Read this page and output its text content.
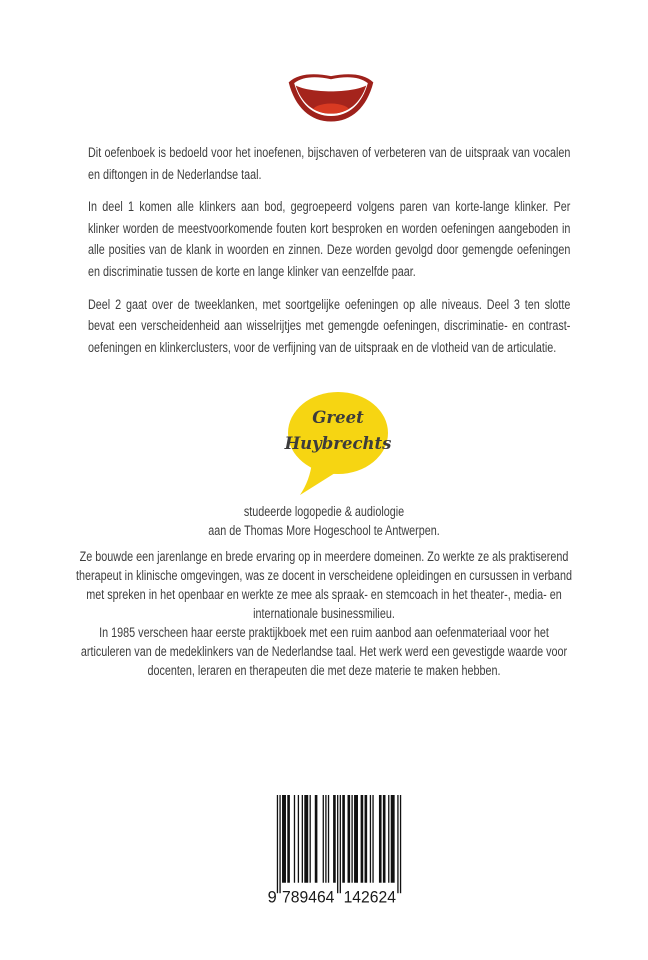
Dit oefenboek is bedoeld voor het inoefenen, bijschaven of verbeteren van de uitspraak van vocalen en diftongen in de Nederlandse taal.

In deel 1 komen alle klinkers aan bod, gegroepeerd volgens paren van korte-lange klinker. Per klinker worden de meestvoorkomende fouten kort besproken en worden oefeningen aangeboden in alle posities van de klank in woorden en zinnen. Deze worden gevolgd door gemengde oefeningen en discriminatie tussen de korte en lange klinker van eenzelfde paar.

Deel 2 gaat over de tweeklanken, met soortgelijke oefeningen op alle niveaus. Deel 3 ten slotte bevat een verscheidenheid aan wisselrijtjes met gemengde oefeningen, discriminatie- en contrast-oefeningen en klinkerclusters, voor de verfijning van de uitspraak en de vlotheid van de articulatie.

Greet
Huybrechts

studeerde logopedie & audiologie

aan de Thomas More Hogeschool te Antwerpen.

Ze bouwde een jarenlange en brede ervaring op in meerdere domeinen. Zo werkte ze als praktiserend therapeut in klinische omgevingen, was ze docent in verscheidene opleidingen en cursussen in verband met spreken in het openbaar en werkte ze mee als spraak- en stemcoach in het theater-, media- en internationale businessmilieu.

In 1985 verscheen haar eerste praktijkboek met een ruim aanbod aan oefenmateriaal voor het articuleren van de medeklinkers van de Nederlandse taal. Het werk werd een gevestigde waarde voor docenten, leraren en therapeuten die met deze materie te maken hebben.

9 789464 142624
